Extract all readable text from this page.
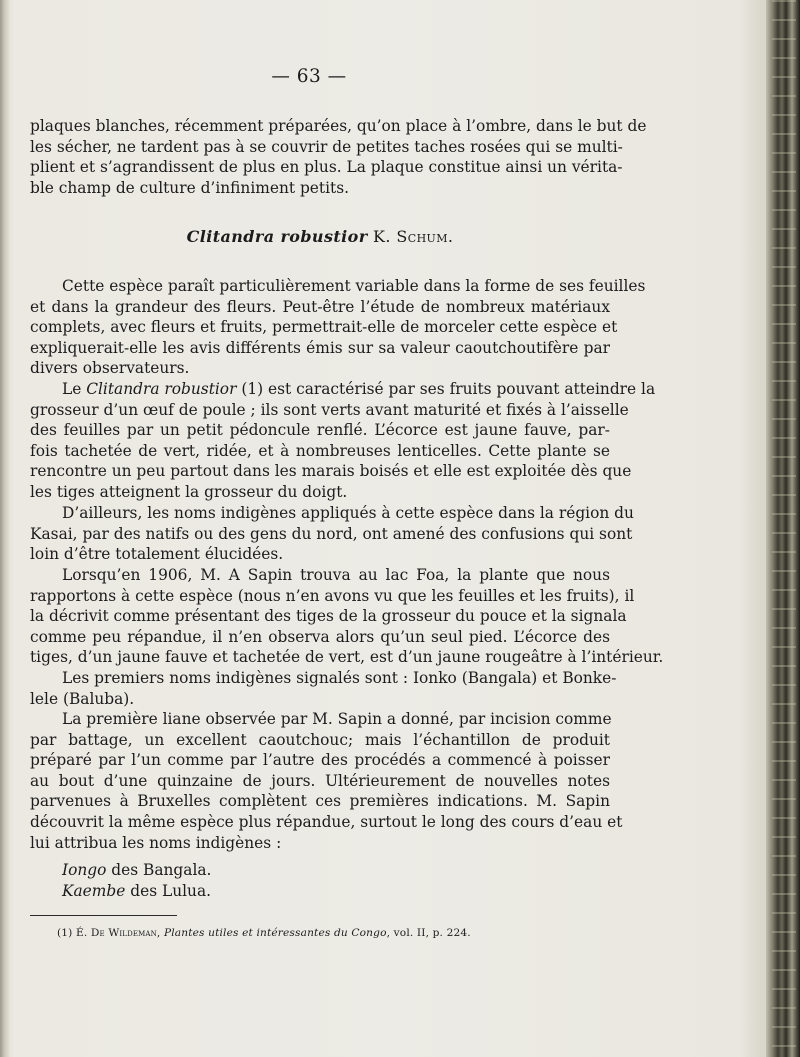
— 63 —
plaques blanches, récemment préparées, qu’on place à l’ombre, dans le but de
les sécher, ne tardent pas à se couvrir de petites taches rosées qui se multi-
plient et s’agrandissent de plus en plus. La plaque constitue ainsi un vérita-
ble champ de culture d’infiniment petits.
Clitandra robustior K. Schum.
Cette espèce paraît particulièrement variable dans la forme de ses feuilles
et dans la grandeur des fleurs. Peut-être l’étude de nombreux matériaux
complets, avec fleurs et fruits, permettrait-elle de morceler cette espèce et
expliquerait-elle les avis différents émis sur sa valeur caoutchoutifère par
divers observateurs.
Le Clitandra robustior (1) est caractérisé par ses fruits pouvant atteindre la
grosseur d’un œuf de poule ; ils sont verts avant maturité et fixés à l’aisselle
des feuilles par un petit pédoncule renflé. L’écorce est jaune fauve, par-
fois tachetée de vert, ridée, et à nombreuses lenticelles. Cette plante se
rencontre un peu partout dans les marais boisés et elle est exploitée dès que
les tiges atteignent la grosseur du doigt.
D’ailleurs, les noms indigènes appliqués à cette espèce dans la région du
Kasai, par des natifs ou des gens du nord, ont amené des confusions qui sont
loin d’être totalement élucidées.
Lorsqu’en 1906, M. A Sapin trouva au lac Foa, la plante que nous
rapportons à cette espèce (nous n’en avons vu que les feuilles et les fruits), il
la décrivit comme présentant des tiges de la grosseur du pouce et la signala
comme peu répandue, il n’en observa alors qu’un seul pied. L’écorce des
tiges, d’un jaune fauve et tachetée de vert, est d’un jaune rougeâtre à l’intérieur.
Les premiers noms indigènes signalés sont : Ionko (Bangala) et Bonke-
lele (Baluba).
La première liane observée par M. Sapin a donné, par incision comme
par battage, un excellent caoutchouc; mais l’échantillon de produit
préparé par l’un comme par l’autre des procédés a commencé à poisser
au bout d’une quinzaine de jours. Ultérieurement de nouvelles notes
parvenues à Bruxelles complètent ces premières indications. M. Sapin
découvrit la même espèce plus répandue, surtout le long des cours d’eau et
lui attribua les noms indigènes :
Iongo des Bangala.
Kaembe des Lulua.
(1) É. De Wildeman, Plantes utiles et intéressantes du Congo, vol. II, p. 224.
